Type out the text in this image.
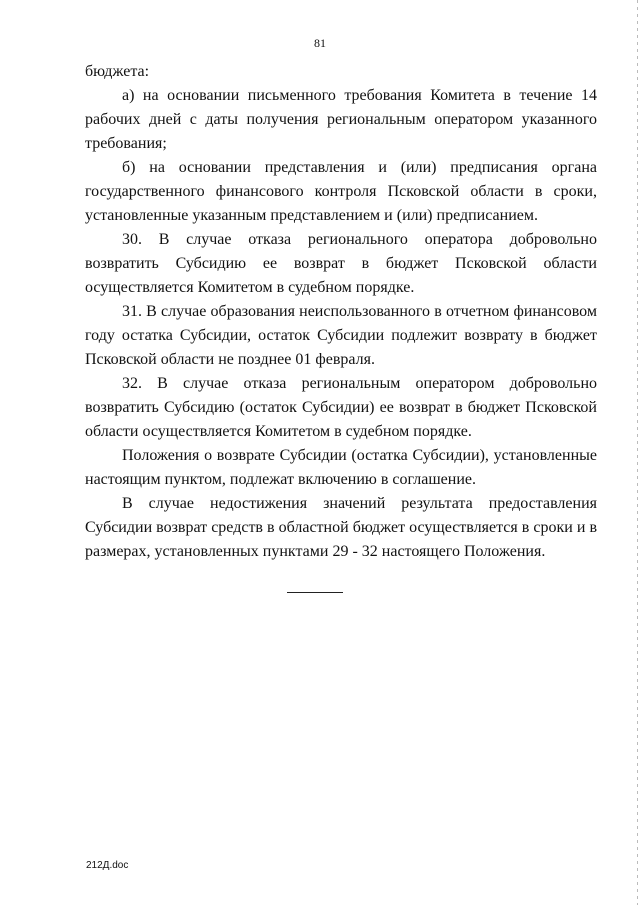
81

бюджета:

а) на основании письменного требования Комитета в течение 14 рабочих дней с даты получения региональным оператором указанного требования;

б) на основании представления и (или) предписания органа государственного финансового контроля Псковской области в сроки, установленные указанным представлением и (или) предписанием.

30. В случае отказа регионального оператора добровольно возвратить Субсидию ее возврат в бюджет Псковской области осуществляется Комитетом в судебном порядке.

31. В случае образования неиспользованного в отчетном финансовом году остатка Субсидии, остаток Субсидии подлежит возврату в бюджет Псковской области не позднее 01 февраля.

32. В случае отказа региональным оператором добровольно возвратить Субсидию (остаток Субсидии) ее возврат в бюджет Псковской области осуществляется Комитетом в судебном порядке.

Положения о возврате Субсидии (остатка Субсидии), установленные настоящим пунктом, подлежат включению в соглашение.

В случае недостижения значений результата предоставления Субсидии возврат средств в областной бюджет осуществляется в сроки и в размерах, установленных пунктами 29 - 32 настоящего Положения.

212Д.doc
